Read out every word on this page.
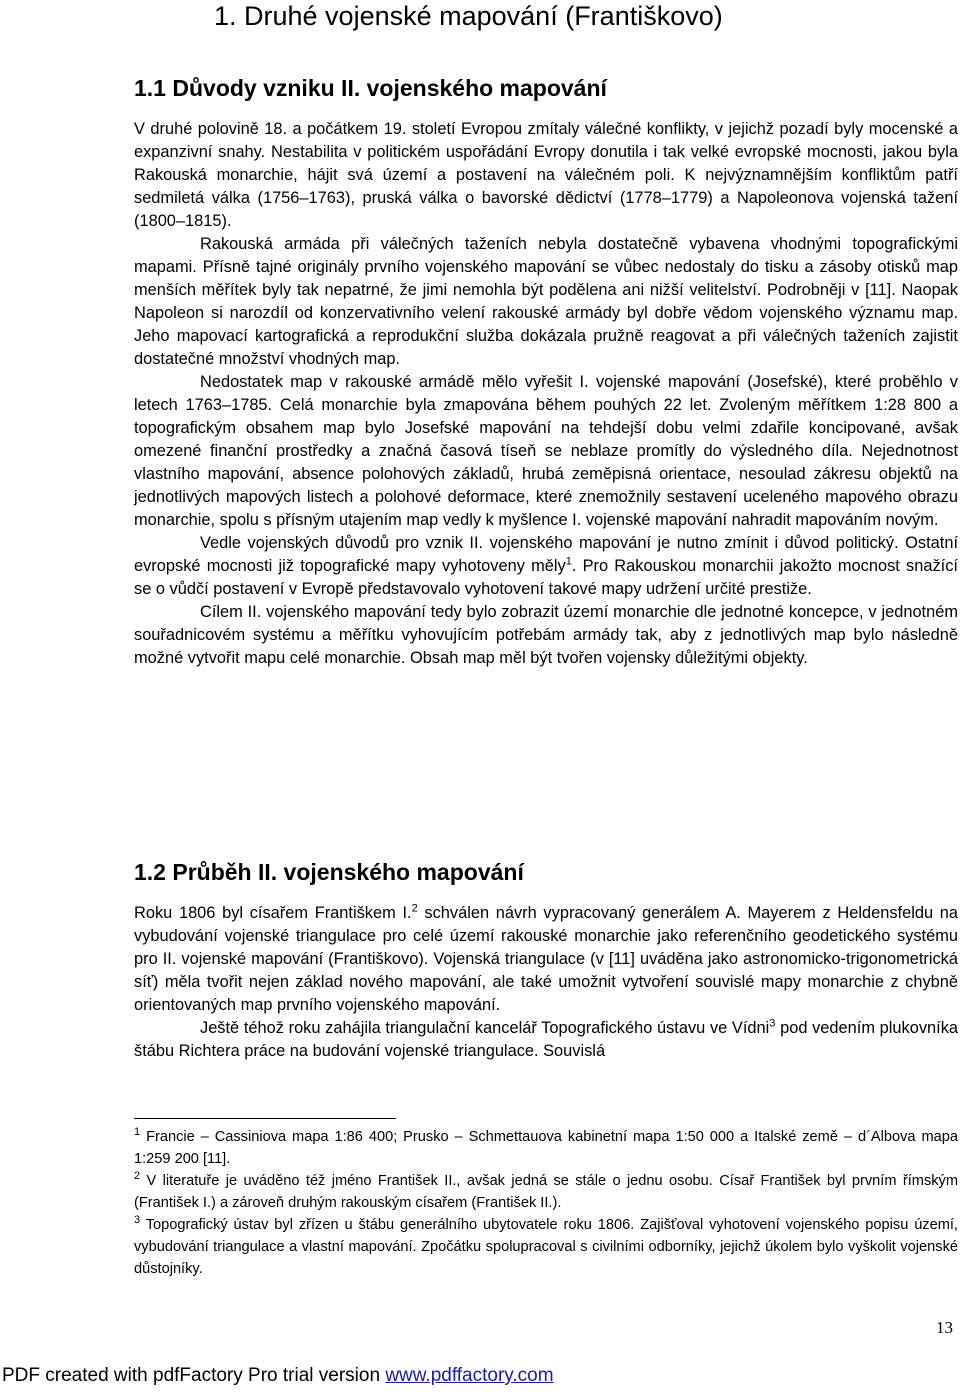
1. Druhé vojenské mapování (Františkovo)
1.1 Důvody vzniku II. vojenského mapování

V druhé polovině 18. a počátkem 19. století Evropou zmítaly válečné konflikty, v jejichž pozadí byly mocenské a expanzivní snahy. Nestabilita v politickém uspořádání Evropy donutila i tak velké evropské mocnosti, jakou byla Rakouská monarchie, hájit svá území a postavení na válečném poli. K nejvýznamnějším konfliktům patří sedmiletá válka (1756–1763), pruská válka o bavorské dědictví (1778–1779) a Napoleonova vojenská tažení (1800–1815).

Rakouská armáda při válečných taženích nebyla dostatečně vybavena vhodnými topografickými mapami. Přísně tajné originály prvního vojenského mapování se vůbec nedostaly do tisku a zásoby otisků map menších měřítek byly tak nepatrné, že jimi nemohla být podělena ani nižší velitelství. Podrobněji v [11]. Naopak Napoleon si narozdíl od konzervativního velení rakouské armády byl dobře vědom vojenského významu map. Jeho mapovací kartografická a reprodukční služba dokázala pružně reagovat a při válečných taženích zajistit dostatečné množství vhodných map.

Nedostatek map v rakouské armádě mělo vyřešit I. vojenské mapování (Josefské), které proběhlo v letech 1763–1785. Celá monarchie byla zmapována během pouhých 22 let. Zvoleným měřítkem 1:28 800 a topografickým obsahem map bylo Josefské mapování na tehdejší dobu velmi zdařile koncipované, avšak omezené finanční prostředky a značná časová tíseň se neblaze promítly do výsledného díla. Nejednotnost vlastního mapování, absence polohových základů, hrubá zeměpisná orientace, nesoulad zákresu objektů na jednotlivých mapových listech a polohové deformace, které znemožnily sestavení uceleného mapového obrazu monarchie, spolu s přísným utajením map vedly k myšlence I. vojenské mapování nahradit mapováním novým.

Vedle vojenských důvodů pro vznik II. vojenského mapování je nutno zmínit i důvod politický. Ostatní evropské mocnosti již topografické mapy vyhotoveny měly$^1$. Pro Rakouskou monarchii jakožto mocnost snažící se o vůdčí postavení v Evropě představovalo vyhotovení takové mapy udržení určité prestiže.

Cílem II. vojenského mapování tedy bylo zobrazit území monarchie dle jednotné koncepce, v jednotném souřadnicovém systému a měřítku vyhovujícím potřebám armády tak, aby z jednotlivých map bylo následně možné vytvořit mapu celé monarchie. Obsah map měl být tvořen vojensky důležitými objekty.

1.2 Průběh II. vojenského mapování

Roku 1806 byl císařem Františkem I.$^2$ schválen návrh vypracovaný generálem A. Mayerem z Heldensfeldu na vybudování vojenské triangulace pro celé území rakouské monarchie jako referenčního geodetického systému pro II. vojenské mapování (Františkovo). Vojenská triangulace (v [11] uváděna jako astronomicko-trigonometrická síť) měla tvořit nejen základ nového mapování, ale také umožnit vytvoření souvislé mapy monarchie z chybně orientovaných map prvního vojenského mapování.

Ještě téhož roku zahájila triangulační kancelář Topografického ústavu ve Vídni$^3$ pod vedením plukovníka štábu Richtera práce na budování vojenské triangulace. Souvislá

$^1$ Francie – Cassiniova mapa 1:86 400; Prusko – Schmettauova kabinetní mapa 1:50 000 a Italské země – d´Albova mapa 1:259 200 [11].

$^2$ V literatuře je uváděno též jméno František II., avšak jedná se stále o jednu osobu. Císař František byl prvním římským (František I.) a zároveň druhým rakouským císařem (František II.).

$^3$ Topografický ústav byl zřízen u štábu generálního ubytovatele roku 1806. Zajišťoval vyhotovení vojenského popisu území, vybudování triangulace a vlastní mapování. Zpočátku spolupracoval s civilními odborníky, jejichž úkolem bylo vyškolit vojenské důstojníky.

13
PDF created with pdfFactory Pro trial version www.pdffactory.com
